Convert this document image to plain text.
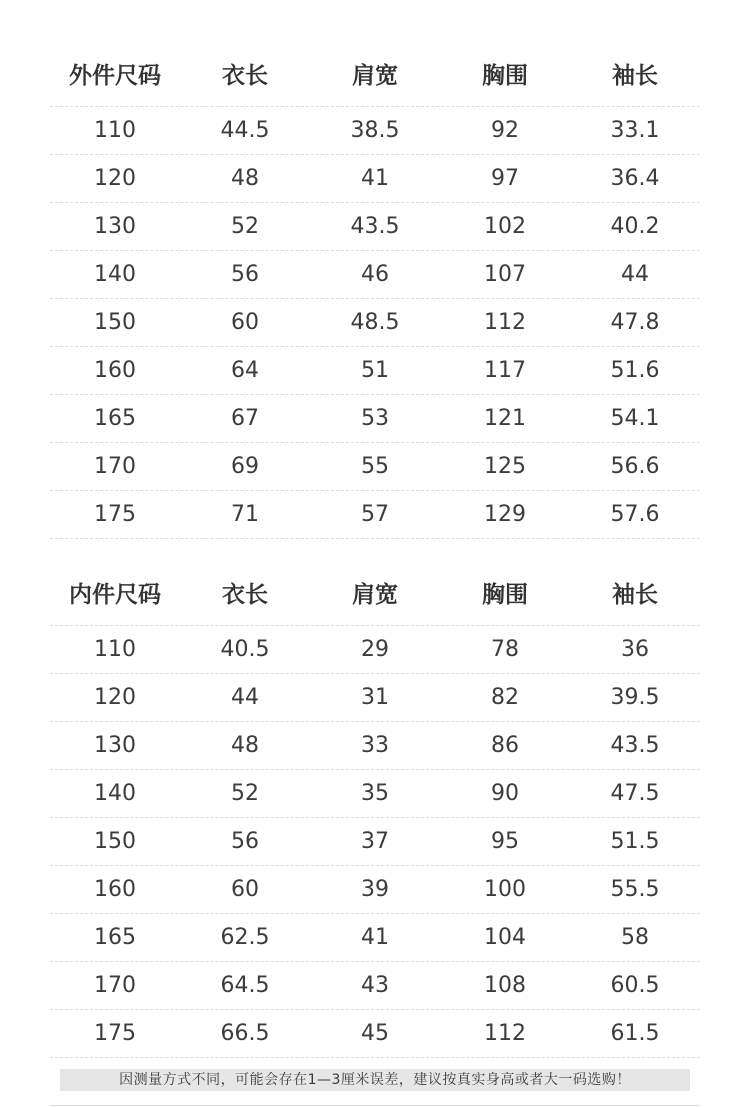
外件尺码	衣长	肩宽	胸围	袖长
110	44.5	38.5	92	33.1
120	48	41	97	36.4
130	52	43.5	102	40.2
140	56	46	107	44
150	60	48.5	112	47.8
160	64	51	117	51.6
165	67	53	121	54.1
170	69	55	125	56.6
175	71	57	129	57.6
内件尺码	衣长	肩宽	胸围	袖长
110	40.5	29	78	36
120	44	31	82	39.5
130	48	33	86	43.5
140	52	35	90	47.5
150	56	37	95	51.5
160	60	39	100	55.5
165	62.5	41	104	58
170	64.5	43	108	60.5
175	66.5	45	112	61.5
因测量方式不同，可能会存在1—3厘米误差，建议按真实身高或者大一码选购！
